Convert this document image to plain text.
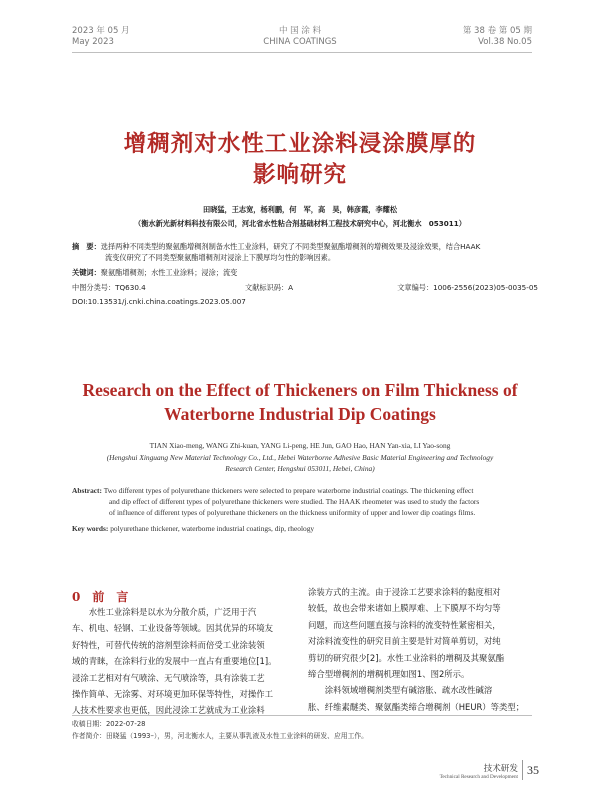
2023 年 05 月
May 2023
中 国 涂 料
CHINA COATINGS
第 38 卷 第 05 期
Vol.38 No.05
增稠剂对水性工业涂料浸涂膜厚的
影响研究
田晓猛，王志宽，杨利鹏，何　军，高　昊，韩彦霞，李耀松
（衡水新光新材料科技有限公司，河北省水性粘合剂基础材料工程技术研究中心，河北衡水　053011）
摘　要：选择两种不同类型的聚氨酯增稠剂制备水性工业涂料，研究了不同类型聚氨酯增稠剂的增稠效果及浸涂效果，结合HAAK
流变仪研究了不同类型聚氨酯增稠剂对浸涂上下膜厚均匀性的影响因素。
关键词：聚氨酯增稠剂；水性工业涂料；浸涂；流变
中图分类号：TQ630.4	文献标识码：A	文章编号：1006-2556(2023)05-0035-05
DOI:10.13531/j.cnki.china.coatings.2023.05.007
Research on the Effect of Thickeners on Film Thickness of
Waterborne Industrial Dip Coatings
TIAN Xiao-meng, WANG Zhi-kuan, YANG Li-peng, HE Jun, GAO Hao, HAN Yan-xia, LI Yao-song
(Hengshui Xinguang New Material Technology Co., Ltd., Hebei Waterborne Adhesive Basic Material Engineering and Technology
Research Center, Hengshui 053011, Hebei, China)
Abstract: Two different types of polyurethane thickeners were selected to prepare waterborne industrial coatings. The thickening effect
and dip effect of different types of polyurethane thickeners were studied. The HAAK rheometer was used to study the factors
of influence of different types of polyurethane thickeners on the thickness uniformity of upper and lower dip coatings films.
Key words: polyurethane thickener, waterborne industrial coatings, dip, rheology
0 前　言
　　水性工业涂料是以水为分散介质，广泛用于汽
车、机电、轻钢、工业设备等领域。因其优异的环境友
好特性，可替代传统的溶剂型涂料而倍受工业涂装领
域的青睐，在涂料行业的发展中一直占有重要地位[1]。
浸涂工艺相对有气喷涂、无气喷涂等，具有涂装工艺
操作简单、无涂雾、对环境更加环保等特性，对操作工
人技术性要求也更低，因此浸涂工艺就成为工业涂料
涂装方式的主流。由于浸涂工艺要求涂料的黏度相对
较低，故也会带来诸如上膜厚难、上下膜厚不均匀等
问题，而这些问题直接与涂料的流变特性紧密相关，
对涂料流变性的研究目前主要是针对简单剪切，对纯
剪切的研究很少[2]。水性工业涂料的增稠及其聚氨酯
缔合型增稠剂的增稠机理如图1、图2所示。
　　涂料领域增稠剂类型有碱溶胀、疏水改性碱溶
胀、纤维素醚类、聚氨酯类缔合增稠剂（HEUR）等类型；
收稿日期：2022-07-28
作者简介：田晓猛（1993–），男，河北衡水人，主要从事乳液及水性工业涂料的研发、应用工作。
技术研发
Technical Research and Development 35
